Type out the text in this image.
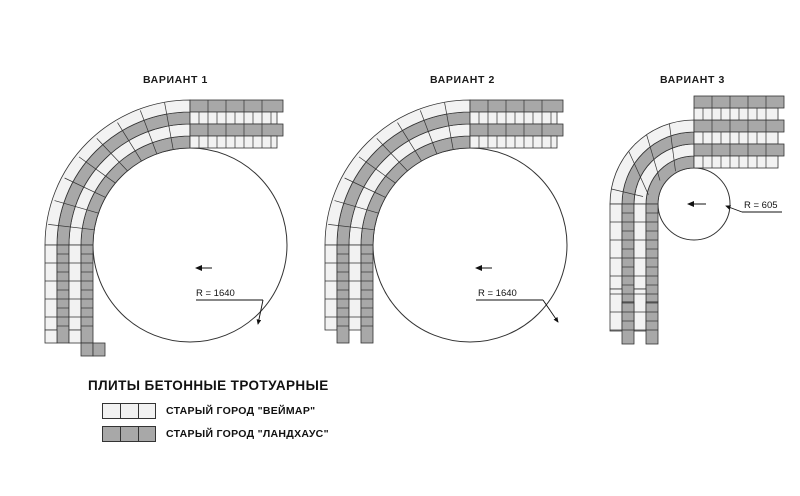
ВАРИАНТ 1	ВАРИАНТ 2	ВАРИАНТ 3
R = 1640	R = 1640
R = 605
ПЛИТЫ БЕТОННЫЕ ТРОТУАРНЫЕ
СТАРЫЙ ГОРОД "ВЕЙМАР"
СТАРЫЙ ГОРОД "ЛАНДХАУС"
